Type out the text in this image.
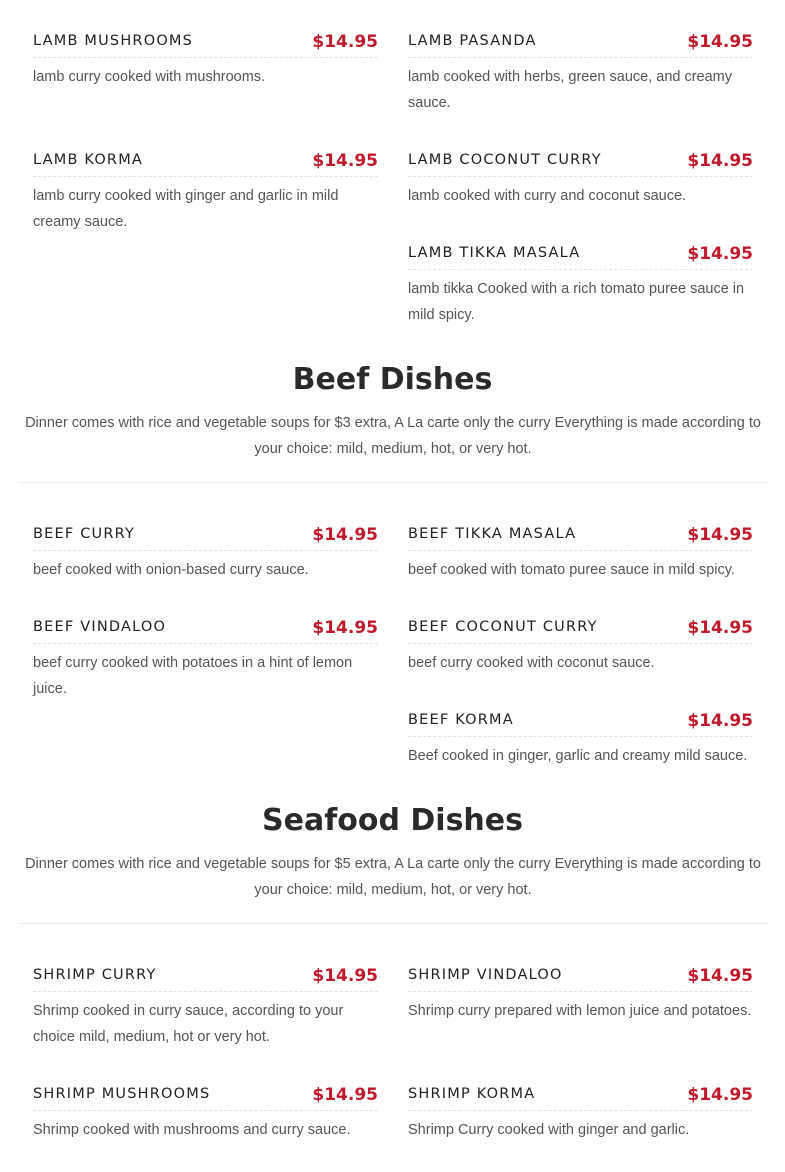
LAMB MUSHROOMS	$14.95
lamb curry cooked with mushrooms.
LAMB KORMA	$14.95
lamb curry cooked with ginger and garlic in mild creamy sauce.
LAMB PASANDA	$14.95
lamb cooked with herbs, green sauce, and creamy sauce.
LAMB COCONUT CURRY	$14.95
lamb cooked with curry and coconut sauce.
LAMB TIKKA MASALA	$14.95
lamb tikka Cooked with a rich tomato puree sauce in mild spicy.
Beef Dishes
Dinner comes with rice and vegetable soups for $3 extra, A La carte only the curry Everything is made according to your choice: mild, medium, hot, or very hot.
BEEF CURRY	$14.95
beef cooked with onion-based curry sauce.
BEEF VINDALOO	$14.95
beef curry cooked with potatoes in a hint of lemon juice.
BEEF TIKKA MASALA	$14.95
beef cooked with tomato puree sauce in mild spicy.
BEEF COCONUT CURRY	$14.95
beef curry cooked with coconut sauce.
BEEF KORMA	$14.95
Beef cooked in ginger, garlic and creamy mild sauce.
Seafood Dishes
Dinner comes with rice and vegetable soups for $5 extra, A La carte only the curry Everything is made according to your choice: mild, medium, hot, or very hot.
SHRIMP CURRY	$14.95
Shrimp cooked in curry sauce, according to your choice mild, medium, hot or very hot.
SHRIMP MUSHROOMS	$14.95
Shrimp cooked with mushrooms and curry sauce.
SHRIMP VINDALOO	$14.95
Shrimp curry prepared with lemon juice and potatoes.
SHRIMP KORMA	$14.95
Shrimp Curry cooked with ginger and garlic.
